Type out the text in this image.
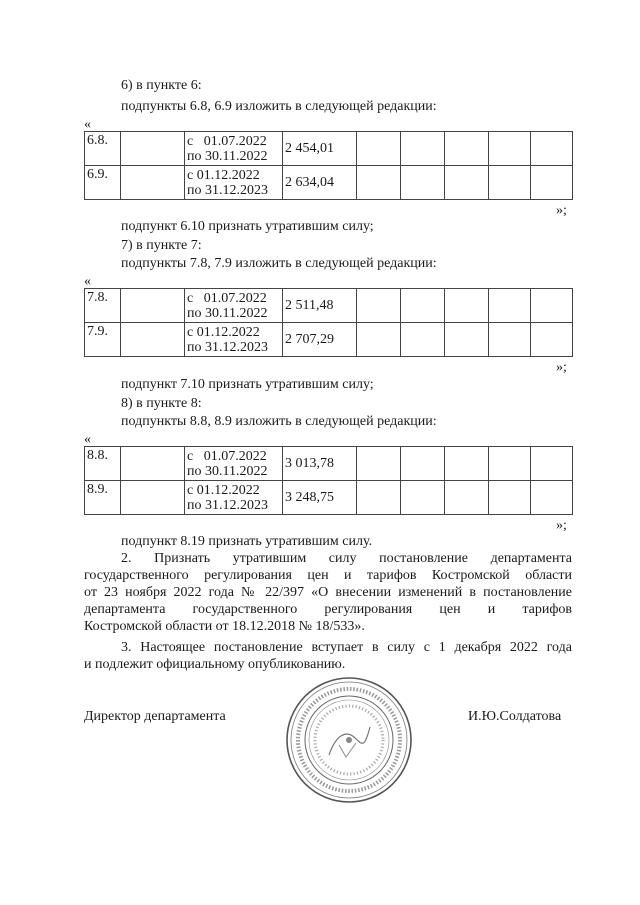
6) в пункте 6:
подпункты 6.8, 6.9 изложить в следующей редакции:
«
6.8.		с   01.07.2022
по 30.11.2022	2 454,01					
6.9.		с 01.12.2022
по 31.12.2023	2 634,04					
»;
подпункт 6.10 признать утратившим силу;
7) в пункте 7:
подпункты 7.8, 7.9 изложить в следующей редакции:
«
7.8.		с   01.07.2022
по 30.11.2022	2 511,48					
7.9.		с 01.12.2022
по 31.12.2023	2 707,29					
»;
подпункт 7.10 признать утратившим силу;
8) в пункте 8:
подпункты 8.8, 8.9 изложить в следующей редакции:
«
8.8.		с   01.07.2022
по 30.11.2022	3 013,78					
8.9.		с 01.12.2022
по 31.12.2023	3 248,75					
»;
подпункт 8.19 признать утратившим силу.
2. Признать утратившим силу постановление департамента
государственного регулирования цен и тарифов Костромской области
от 23 ноября 2022 года № 22/397 «О внесении изменений в постановление
департамента государственного регулирования цен и тарифов
Костромской области от 18.12.2018 № 18/533».
3. Настоящее постановление вступает в силу с 1 декабря 2022 года
и подлежит официальному опубликованию.
Директор департамента	И.Ю.Солдатова
